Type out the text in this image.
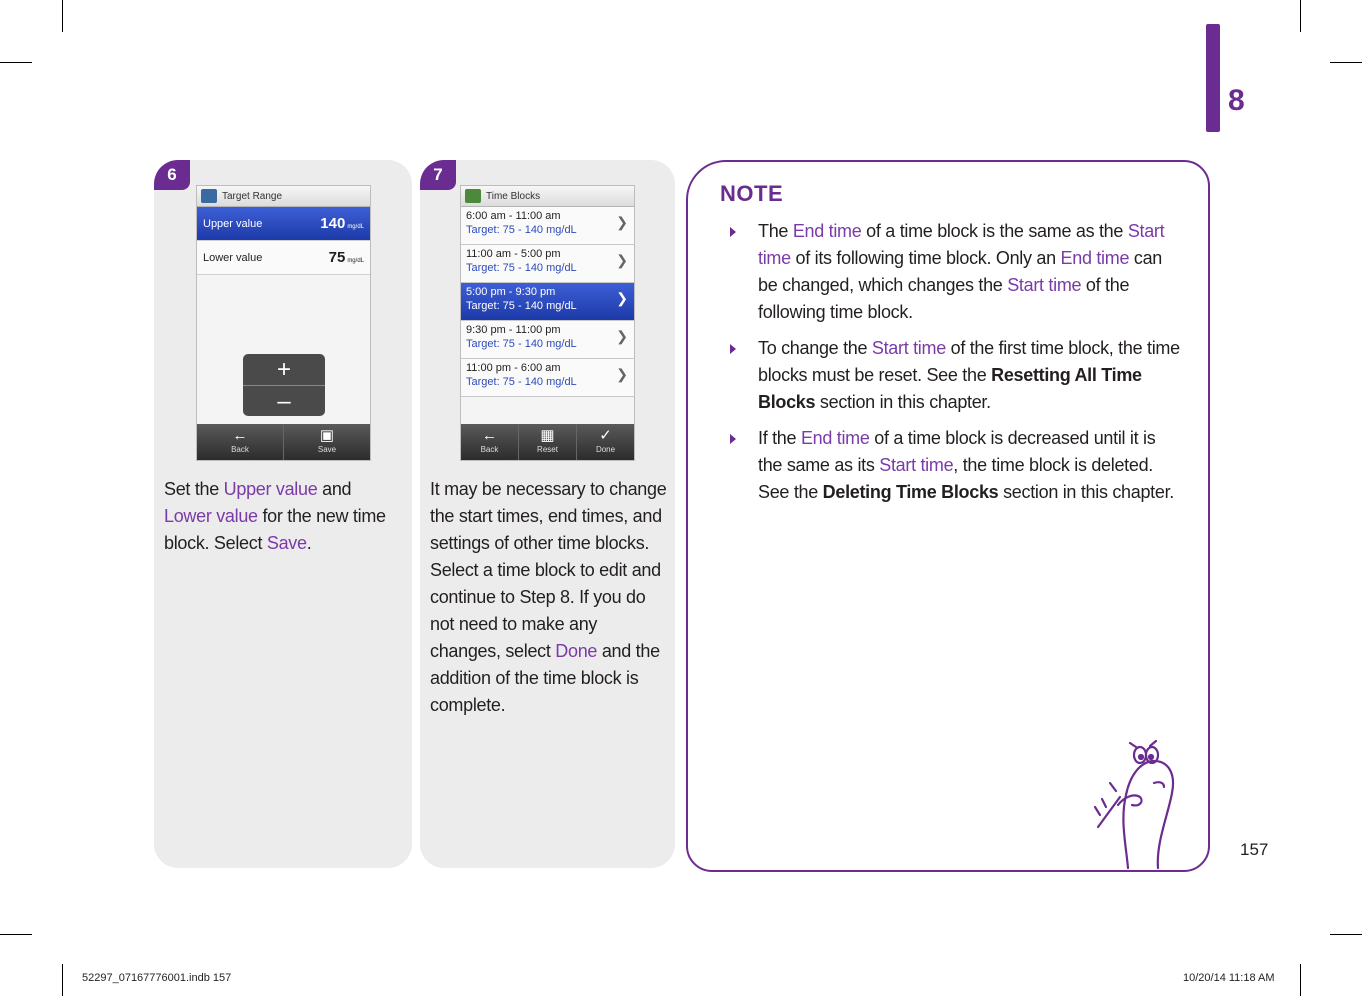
8
6
Target Range
Upper value	140 mg/dL
Lower value	75 mg/dL
+
–
←
Back
▣
Save
Set the Upper value and Lower value for the new time block. Select Save.
7
Time Blocks
6:00 am - 11:00 am
Target: 75 - 140 mg/dL	❯
11:00 am - 5:00 pm
Target: 75 - 140 mg/dL	❯
5:00 pm - 9:30 pm
Target: 75 - 140 mg/dL	❯
9:30 pm - 11:00 pm
Target: 75 - 140 mg/dL	❯
11:00 pm - 6:00 am
Target: 75 - 140 mg/dL	❯
←
Back
▦
Reset
✓
Done
It may be necessary to change the start times, end times, and settings of other time blocks. Select a time block to edit and continue to Step 8. If you do not need to make any changes, select Done and the addition of the time block is complete.
NOTE
The End time of a time block is the same as the Start time of its following time block. Only an End time can be changed, which changes the Start time of the following time block.
To change the Start time of the first time block, the time blocks must be reset. See the Resetting All Time Blocks section in this chapter.
If the End time of a time block is decreased until it is the same as its Start time, the time block is deleted. See the Deleting Time Blocks section in this chapter.
157
52297_07167776001.indb 157	10/20/14 11:18 AM
